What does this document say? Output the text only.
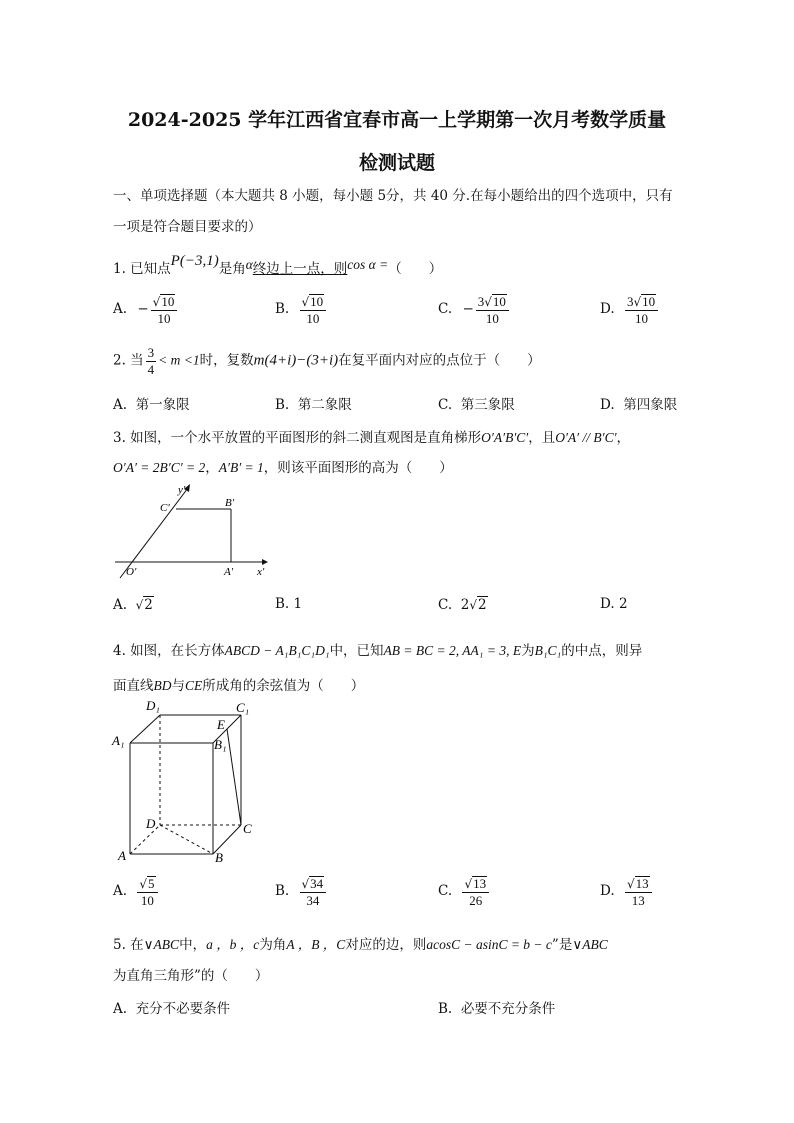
2024-2025 学年江西省宜春市高一上学期第一次月考数学质量
检测试题
一、单项选择题（本大题共 8 小题，每小题 5分，共 40 分.在每小题给出的四个选项中，只有
一项是符合题目要求的）
1. 已知点P(−3,1)是角α终边上一点，则cos α =（　　）
A. − $\frac{√10}{10}$	B. $\frac{√10}{10}$	C. − $\frac{3√10}{10}$	D. $\frac{3√10}{10}$
2. 当 $\frac{3}{4} < m <1$时，复数m(4+i)−(3+i)在复平面内对应的点位于（　　）
A. 第一象限	B. 第二象限	C. 第三象限	D. 第四象限
3. 如图，一个水平放置的平面图形的斜二测直观图是直角梯形O′A′B′C′，且O′A′ // B′C′，
O′A′ = 2B′C′ = 2，A′B′ = 1，则该平面图形的高为（　　）
y′
x′
O′	A′
B′
C′
A. √2	B. 1	C. 2√2	D. 2
4. 如图，在长方体ABCD − A₁B₁C₁D₁中，已知AB = BC = 2, AA₁ = 3, E为B₁C₁的中点，则异
面直线BD与CE所成角的余弦值为（　　）
D₁	C₁
A₁	B₁
E
D	C
A	B
A. $\frac{√5}{10}$	B. $\frac{√34}{34}$	C. $\frac{√13}{26}$	D. $\frac{√13}{13}$
5. 在∨ABC中，a ，b ，c为角A ，B ，C对应的边，则acosC − asinC = b − c”是∨ABC
为直角三角形”的（　　）
A. 充分不必要条件	B. 必要不充分条件
